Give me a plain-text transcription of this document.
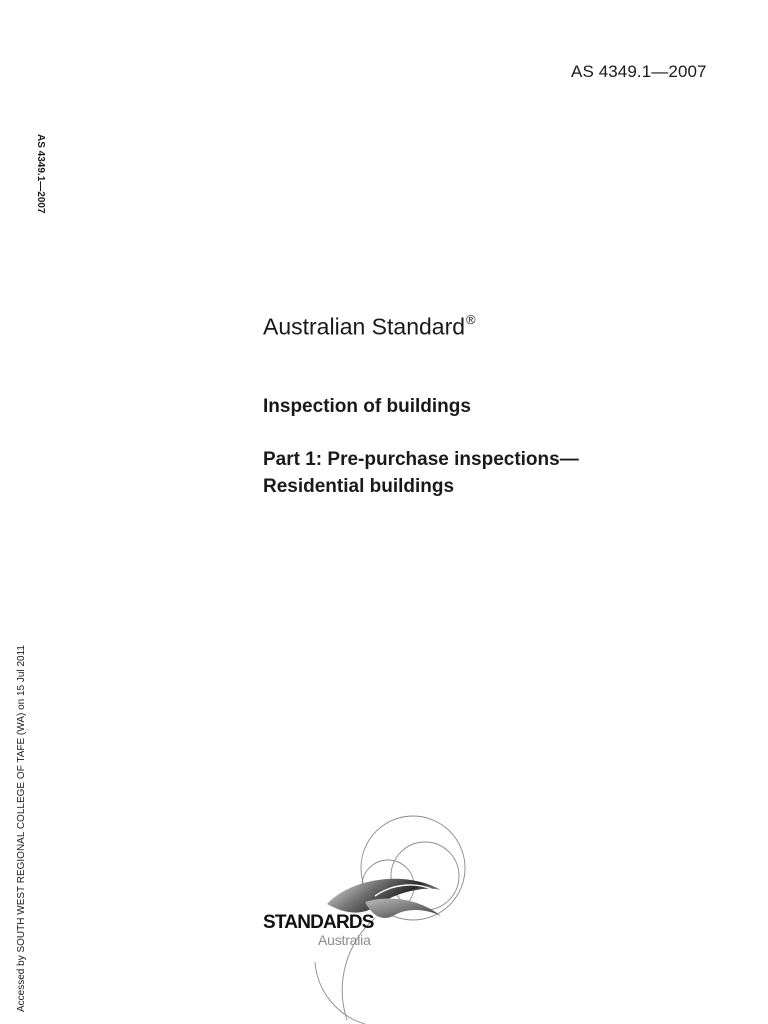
AS 4349.1—2007
AS 4349.1—2007
Accessed by SOUTH WEST REGIONAL COLLEGE OF TAFE (WA) on 15 Jul 2011
Australian Standard®
Inspection of buildings
Part 1: Pre-purchase inspections—
Residential buildings
STANDARDS
Australia
